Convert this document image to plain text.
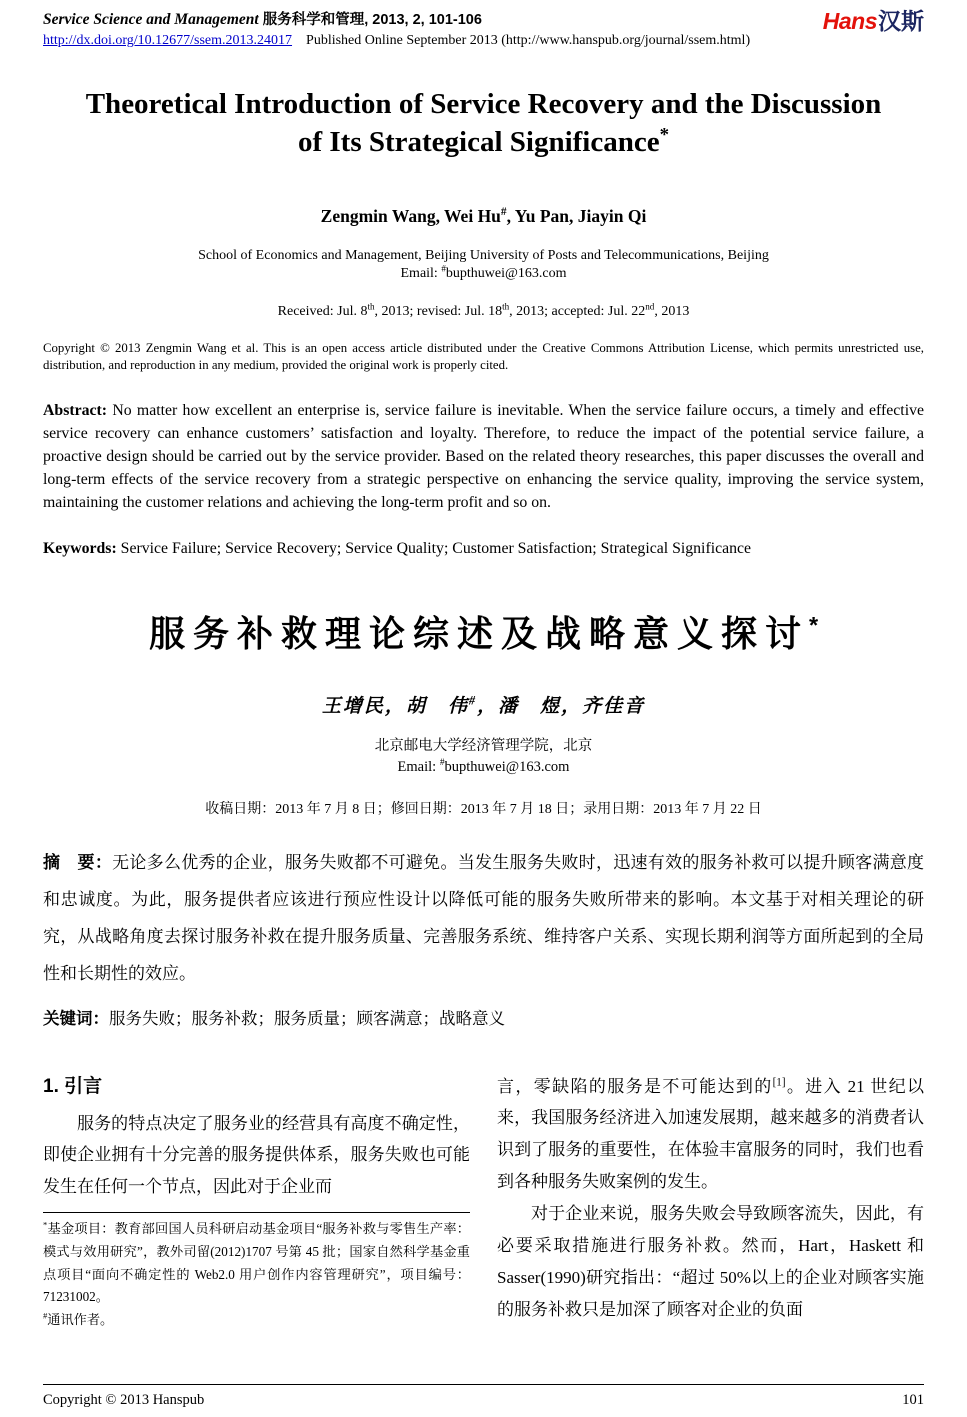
Service Science and Management 服务科学和管理, 2013, 2, 101-106
http://dx.doi.org/10.12677/ssem.2013.24017 Published Online September 2013 (http://www.hanspub.org/journal/ssem.html)
Hans汉斯
Theoretical Introduction of Service Recovery and the Discussion of Its Strategical Significance*
Zengmin Wang, Wei Hu#, Yu Pan, Jiayin Qi
School of Economics and Management, Beijing University of Posts and Telecommunications, Beijing
Email: #bupthuwei@163.com
Received: Jul. 8th, 2013; revised: Jul. 18th, 2013; accepted: Jul. 22nd, 2013

Copyright © 2013 Zengmin Wang et al. This is an open access article distributed under the Creative Commons Attribution License, which permits unrestricted use, distribution, and reproduction in any medium, provided the original work is properly cited.

Abstract: No matter how excellent an enterprise is, service failure is inevitable. When the service failure occurs, a timely and effective service recovery can enhance customers’ satisfaction and loyalty. Therefore, to reduce the impact of the potential service failure, a proactive design should be carried out by the service provider. Based on the related theory researches, this paper discusses the overall and long-term effects of the service recovery from a strategic perspective on enhancing the service quality, improving the service system, maintaining the customer relations and achieving the long-term profit and so on.

Keywords: Service Failure; Service Recovery; Service Quality; Customer Satisfaction; Strategical Significance

服务补救理论综述及战略意义探讨*
王增民，胡　伟#，潘　煜，齐佳音
北京邮电大学经济管理学院，北京
Email: #bupthuwei@163.com
收稿日期：2013 年 7 月 8 日；修回日期：2013 年 7 月 18 日；录用日期：2013 年 7 月 22 日

摘　要：无论多么优秀的企业，服务失败都不可避免。当发生服务失败时，迅速有效的服务补救可以提升顾客满意度和忠诚度。为此，服务提供者应该进行预应性设计以降低可能的服务失败所带来的影响。本文基于对相关理论的研究，从战略角度去探讨服务补救在提升服务质量、完善服务系统、维持客户关系、实现长期利润等方面所起到的全局性和长期性的效应。

关键词：服务失败；服务补救；服务质量；顾客满意；战略意义

1. 引言

服务的特点决定了服务业的经营具有高度不确定性，即使企业拥有十分完善的服务提供体系，服务失败也可能发生在任何一个节点，因此对于企业而

*基金项目：教育部回国人员科研启动基金项目“服务补救与零售生产率：模式与效用研究”，教外司留(2012)1707 号第 45 批；国家自然科学基金重点项目“面向不确定性的 Web2.0 用户创作内容管理研究”，项目编号：71231002。

#通讯作者。

言，零缺陷的服务是不可能达到的[1]。进入 21 世纪以来，我国服务经济进入加速发展期，越来越多的消费者认识到了服务的重要性，在体验丰富服务的同时，我们也看到各种服务失败案例的发生。

对于企业来说，服务失败会导致顾客流失，因此，有必要采取措施进行服务补救。然而，Hart，Haskett 和 Sasser(1990)研究指出：“超过 50%以上的企业对顾客实施的服务补救只是加深了顾客对企业的负面

Copyright © 2013 Hanspub	101
